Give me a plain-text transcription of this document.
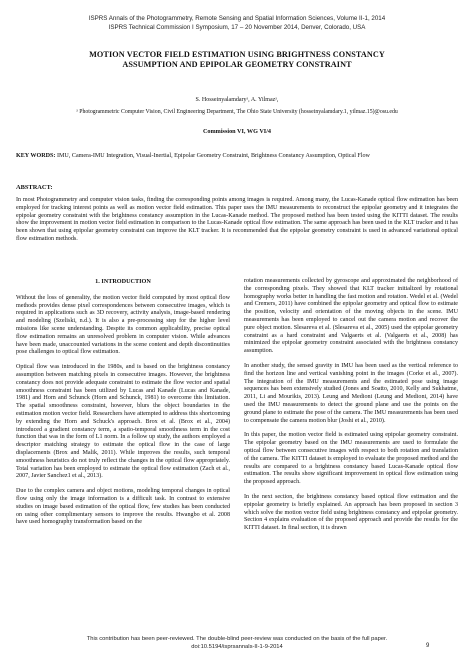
ISPRS Annals of the Photogrammetry, Remote Sensing and Spatial Information Sciences, Volume II-1, 2014
ISPRS Technical Commission I Symposium, 17 – 20 November 2014, Denver, Colorado, USA
MOTION VECTOR FIELD ESTIMATION USING BRIGHTNESS CONSTANCY
ASSUMPTION AND EPIPOLAR GEOMETRY CONSTRAINT
S. Hosseinyalamdaryᵃ, A. Yilmazᵃ,
ᵃ Photogrammetric Computer Vision, Civil Engineering Department, The Ohio State University (hosseinyalamdary.1, yilmaz.15)@osu.edu
Commission VI, WG VI/4
KEY WORDS: IMU, Camera-IMU Integration, Visual-Inertial, Epipolar Geometry Constraint, Brightness Constancy Assumption, Optical Flow
ABSTRACT:
In most Photogrammetry and computer vision tasks, finding the corresponding points among images is required. Among many, the Lucas-Kanade optical flow estimation has been employed for tracking interest points as well as motion vector field estimation. This paper uses the IMU measurements to reconstruct the epipolar geometry and it integrates the epipolar geometry constraint with the brightness constancy assumption in the Lucas-Kanade method. The proposed method has been tested using the KITTI dataset. The results show the improvement in motion vector field estimation in comparison to the Lucas-Kanade optical flow estimation. The same approach has been used in the KLT tracker and it has been shown that using epipolar geometry constraint can improve the KLT tracker. It is recommended that the epipolar geometry constraint is used in advanced variational optical flow estimation methods.
1. INTRODUCTION

Without the loss of generality, the motion vector field computed by most optical flow methods provides dense pixel correspondences between consecutive images, which is required in applications such as 3D recovery, activity analysis, image-based rendering and modeling (Szeliski, n.d.). It is also a pre-processing step for the higher level missions like scene understanding. Despite its common applicability, precise optical flow estimation remains an unresolved problem in computer vision. While advances have been made, unaccounted variations in the scene content and depth discontinuities pose challenges to optical flow estimation.

Optical flow was introduced in the 1980s, and is based on the brightness constancy assumption between matching pixels in consecutive images. However, the brightness constancy does not provide adequate constraint to estimate the flow vector and spatial smoothness constraint has been utilized by Lucas and Kanade (Lucas and Kanade, 1981) and Horn and Schunck (Horn and Schunck, 1981) to overcome this limitation. The spatial smoothness constraint, however, blurs the object boundaries in the estimation motion vector field. Researchers have attempted to address this shortcoming by extending the Horn and Schuck's approach. Brox et al. (Brox et al., 2004) introduced a gradient constancy term, a spatio-temporal smoothness term in the cost function that was in the form of L1 norm. In a follow up study, the authors employed a descriptor matching strategy to estimate the optical flow in the case of large displacements (Brox and Malik, 2011). While improves the results, such temporal smoothness heuristics do not truly reflect the changes in the optical flow appropriately. Total variation has been employed to estimate the optical flow estimation (Zach et al., 2007, Javier Sanchez1 et al., 2013).

Due to the complex camera and object motions, modeling temporal changes in optical flow using only the image information is a difficult task. In contrast to extensive studies on image based estimation of the optical flow, few studies has been conducted on using other complimentary sensors to improve the results. Hwangbo et al. 2008 have used homography transformation based on the

rotation measurements collected by gyroscope and approximated the neighborhood of the corresponding pixels. They showed that KLT tracker initialized by rotational homography works better in handling the fast motion and rotation. Wedel et al. (Wedel and Cremers, 2011) have combined the epipolar geometry and optical flow to estimate the position, velocity and orientation of the moving objects in the scene. IMU measurements has been employed to cancel out the camera motion and recover the pure object motion. Slesareva et al. (Slesareva et al., 2005) used the epipolar geometry constraint as a hard constraint and Valgaerts et al. (Valgaerts et al., 2008) has minimized the epipolar geometry constraint associated with the brightness constancy assumption.

In another study, the sensed gravity in IMU has been used as the vertical reference to find the horizon line and vertical vanishing point in the images (Corke et al., 2007). The integration of the IMU measurements and the estimated pose using image sequences has been extensively studied (Jones and Soatto, 2010, Kelly and Sukhatme, 2011, Li and Mourikis, 2013). Leung and Medioni (Leung and Medioni, 2014) have used the IMU measurements to detect the ground plane and use the points on the ground plane to estimate the pose of the camera. The IMU measurements has been used to compensate the camera motion blur (Joshi et al., 2010).

In this paper, the motion vector field is estimated using epipolar geometry constraint. The epipolar geometry based on the IMU measurements are used to formulate the optical flow between consecutive images with respect to both rotation and translation of the camera. The KITTI dataset is employed to evaluate the proposed method and the results are compared to a brightness constancy based Lucas-Kanade optical flow estimation. The results show significant improvement in optical flow estimation using the proposed approach.

In the next section, the brightness constancy based optical flow estimation and the epipolar geometry is briefly explained. An approach has been proposed in section 3 which solve the motion vector field using brightness constancy and epipolar geometry. Section 4 explains evaluation of the proposed approach and provide the results for the KITTI dataset. In final section, it is drawn

This contribution has been peer-reviewed. The double-blind peer-review was conducted on the basis of the full paper.
doi:10.5194/isprsannals-II-1-9-2014	9
